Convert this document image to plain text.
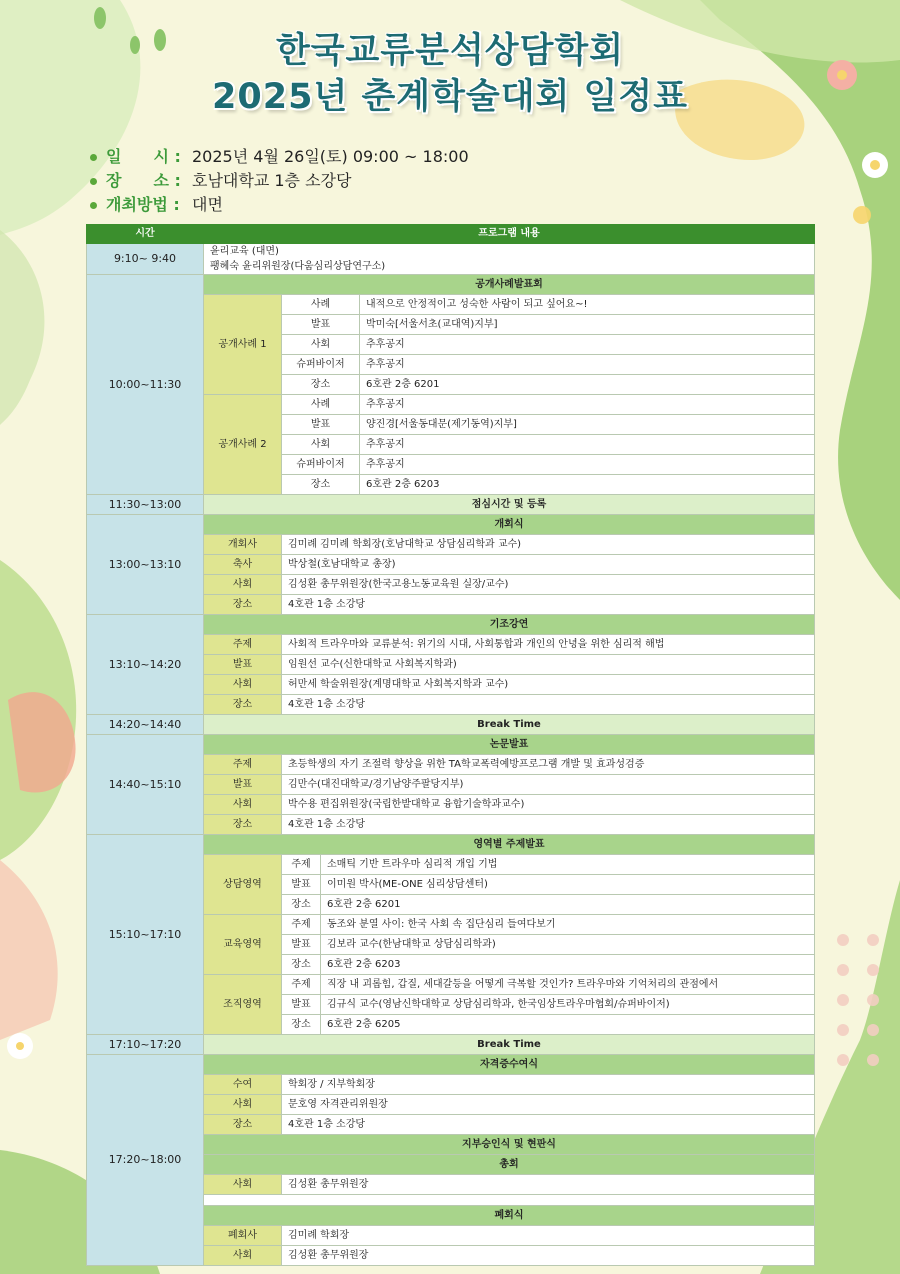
한국교류분석상담학회
2025년 춘계학술대회 일정표
일　　시 : 2025년 4월 26일(토) 09:00 ~ 18:00
장　　소 : 호남대학교 1층 소강당
개최방법 : 대면
시간	프로그램 내용			
9:10~ 9:40	윤리교육 (대면)
팽혜숙 윤리위원장(다움심리상담연구소)			
10:00~11:30	공개사례발표회			
	공개사례 1	사례		내적으로 안정적이고 성숙한 사람이 되고 싶어요~!
		발표		박미숙[서울서초(교대역)지부]
		사회		추후공지
		슈퍼바이저		추후공지
		장소		6호관 2층 6201
	공개사례 2	사례		추후공지
		발표		양진경[서울동대문(제기동역)지부]
		사회		추후공지
		슈퍼바이저		추후공지
		장소		6호관 2층 6203
11:30~13:00	점심시간 및 등록			
13:00~13:10	개회식			
	개회사	김미례 김미례 학회장(호남대학교 상담심리학과 교수)		
	축사	박상철(호남대학교 총장)		
	사회	김성환 총무위원장(한국고용노동교육원 실장/교수)		
	장소	4호관 1층 소강당		
13:10~14:20	기조강연			
	주제	사회적 트라우마와 교류분석: 위기의 시대, 사회통합과 개인의 안녕을 위한 심리적 해법		
	발표	임원선 교수(신한대학교 사회복지학과)		
	사회	허만세 학술위원장(계명대학교 사회복지학과 교수)		
	장소	4호관 1층 소강당		
14:20~14:40	Break Time			
14:40~15:10	논문발표			
	주제	초등학생의 자기 조절력 향상을 위한 TA학교폭력예방프로그램 개발 및 효과성검증		
	발표	김만수(대진대학교/경기남양주팔당지부)		
	사회	박수용 편집위원장(국립한밭대학교 융합기술학과교수)		
	장소	4호관 1층 소강당		
15:10~17:10	영역별 주제발표			
	상담영역	주제	소매틱 기반 트라우마 심리적 개입 기법	
		발표	이미원 박사(ME-ONE 심리상담센터)	
		장소	6호관 2층 6201	
	교육영역	주제	동조와 분열 사이: 한국 사회 속 집단심리 들여다보기	
		발표	김보라 교수(한남대학교 상담심리학과)	
		장소	6호관 2층 6203	
	조직영역	주제	직장 내 괴롭힘, 갑질, 세대갈등을 어떻게 극복할 것인가? 트라우마와 기억처리의 관점에서	
		발표	김규식 교수(영남신학대학교 상담심리학과, 한국임상트라우마협회/슈퍼바이저)	
		장소	6호관 2층 6205	
17:10~17:20	Break Time			
17:20~18:00	자격증수여식			
	수여	학회장 / 지부학회장		
	사회	문호영 자격관리위원장		
	장소	4호관 1층 소강당		
	지부승인식 및 현판식			
	총회			
	사회	김성환 총무위원장		

	폐회식			
	폐회사	김미례 학회장		
	사회	김성환 총무위원장		
